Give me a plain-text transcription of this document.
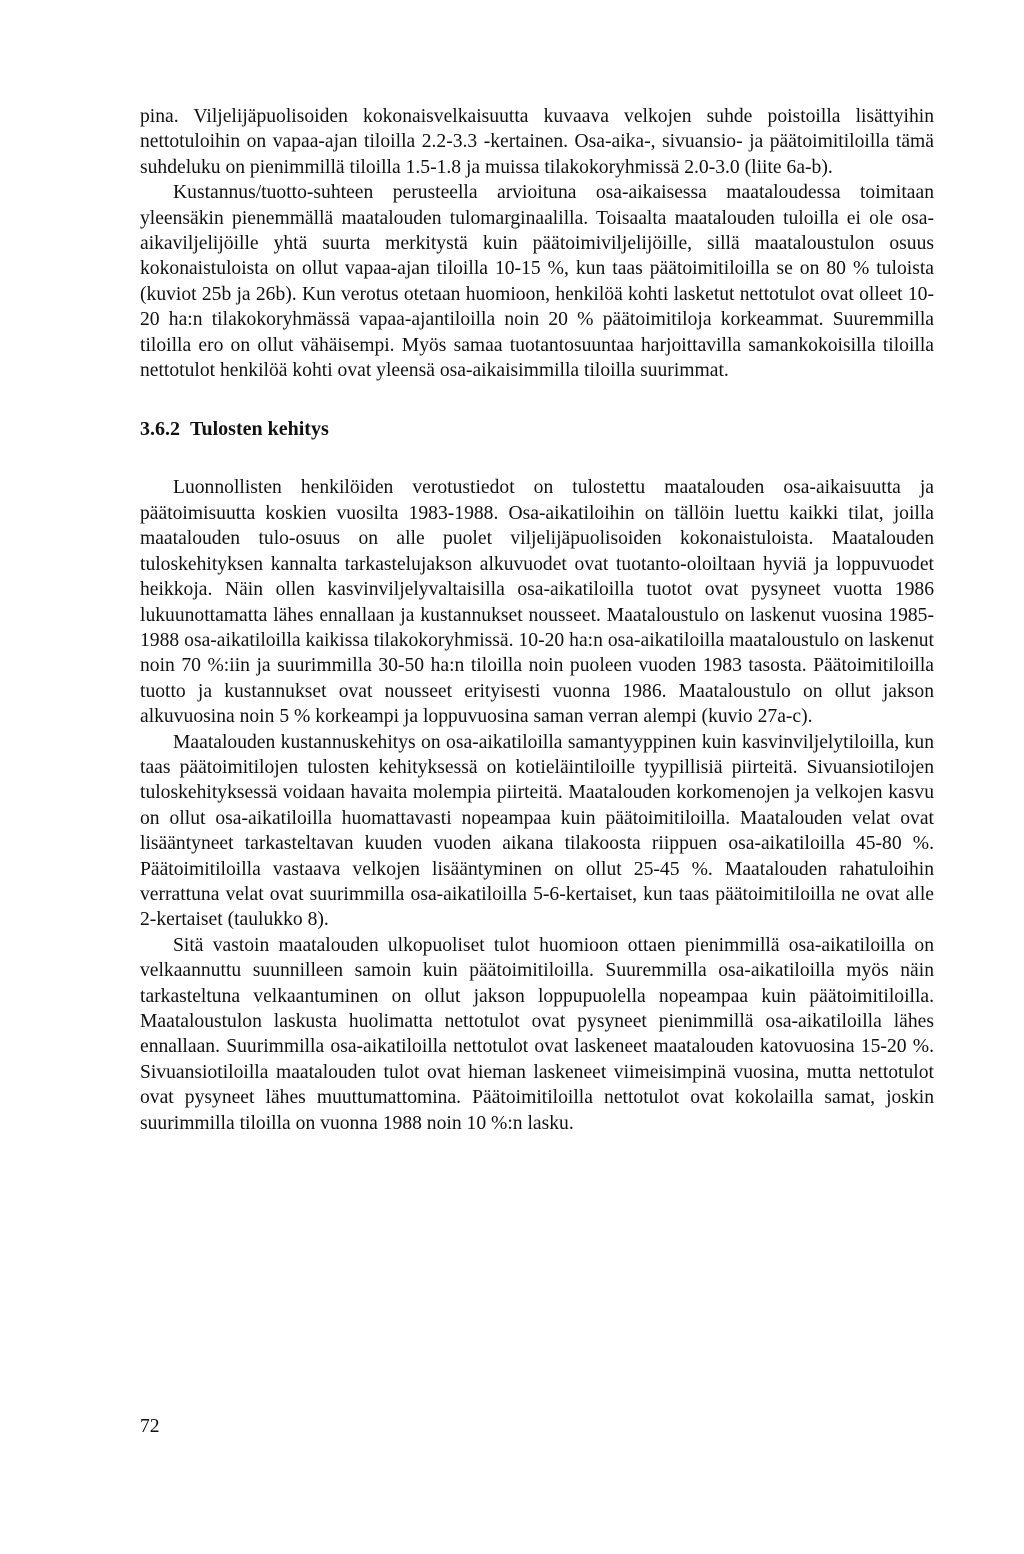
pina. Viljelijäpuolisoiden kokonaisvelkaisuutta kuvaava velkojen suhde poistoilla lisättyihin nettotuloihin on vapaa-ajan tiloilla 2.2-3.3 -kertainen. Osa-aika-, sivuansio- ja päätoimitiloilla tämä suhdeluku on pienimmillä tiloilla 1.5-1.8 ja muissa tilakokoryhmissä 2.0-3.0 (liite 6a-b).

Kustannus/tuotto-suhteen perusteella arvioituna osa-aikaisessa maataloudessa toimitaan yleensäkin pienemmällä maatalouden tulomarginaalilla. Toisaalta maatalouden tuloilla ei ole osa-aikaviljelijöille yhtä suurta merkitystä kuin päätoimiviljelijöille, sillä maataloustulon osuus kokonaistuloista on ollut vapaa-ajan tiloilla 10-15 %, kun taas päätoimitiloilla se on 80 % tuloista (kuviot 25b ja 26b). Kun verotus otetaan huomioon, henkilöä kohti lasketut nettotulot ovat olleet 10-20 ha:n tilakokoryhmässä vapaa-ajantiloilla noin 20 % päätoimitiloja korkeammat. Suuremmilla tiloilla ero on ollut vähäisempi. Myös samaa tuotantosuuntaa harjoittavilla samankokoisilla tiloilla nettotulot henkilöä kohti ovat yleensä osa-aikaisimmilla tiloilla suurimmat.

3.6.2 Tulosten kehitys

Luonnollisten henkilöiden verotustiedot on tulostettu maatalouden osa-aikaisuutta ja päätoimisuutta koskien vuosilta 1983-1988. Osa-aikatiloihin on tällöin luettu kaikki tilat, joilla maatalouden tulo-osuus on alle puolet viljelijäpuolisoiden kokonaistuloista. Maatalouden tuloskehityksen kannalta tarkastelujakson alkuvuodet ovat tuotanto-oloiltaan hyviä ja loppuvuodet heikkoja. Näin ollen kasvinviljelyvaltaisilla osa-aikatiloilla tuotot ovat pysyneet vuotta 1986 lukuunottamatta lähes ennallaan ja kustannukset nousseet. Maataloustulo on laskenut vuosina 1985-1988 osa-aikatiloilla kaikissa tilakokoryhmissä. 10-20 ha:n osa-aikatiloilla maataloustulo on laskenut noin 70 %:iin ja suurimmilla 30-50 ha:n tiloilla noin puoleen vuoden 1983 tasosta. Päätoimitiloilla tuotto ja kustannukset ovat nousseet erityisesti vuonna 1986. Maataloustulo on ollut jakson alkuvuosina noin 5 % korkeampi ja loppuvuosina saman verran alempi (kuvio 27a-c).

Maatalouden kustannuskehitys on osa-aikatiloilla samantyyppinen kuin kasvinviljelytiloilla, kun taas päätoimitilojen tulosten kehityksessä on kotieläintiloille tyypillisiä piirteitä. Sivuansiotilojen tuloskehityksessä voidaan havaita molempia piirteitä. Maatalouden korkomenojen ja velkojen kasvu on ollut osa-aikatiloilla huomattavasti nopeampaa kuin päätoimitiloilla. Maatalouden velat ovat lisääntyneet tarkasteltavan kuuden vuoden aikana tilakoosta riippuen osa-aikatiloilla 45-80 %. Päätoimitiloilla vastaava velkojen lisääntyminen on ollut 25-45 %. Maatalouden rahatuloihin verrattuna velat ovat suurimmilla osa-aikatiloilla 5-6-kertaiset, kun taas päätoimitiloilla ne ovat alle 2-kertaiset (taulukko 8).

Sitä vastoin maatalouden ulkopuoliset tulot huomioon ottaen pienimmillä osa-aikatiloilla on velkaannuttu suunnilleen samoin kuin päätoimitiloilla. Suuremmilla osa-aikatiloilla myös näin tarkasteltuna velkaantuminen on ollut jakson loppupuolella nopeampaa kuin päätoimitiloilla. Maataloustulon laskusta huolimatta nettotulot ovat pysyneet pienimmillä osa-aikatiloilla lähes ennallaan. Suurimmilla osa-aikatiloilla nettotulot ovat laskeneet maatalouden katovuosina 15-20 %. Sivuansiotiloilla maatalouden tulot ovat hieman laskeneet viimeisimpinä vuosina, mutta nettotulot ovat pysyneet lähes muuttumattomina. Päätoimitiloilla nettotulot ovat kokolailla samat, joskin suurimmilla tiloilla on vuonna 1988 noin 10 %:n lasku.

72
